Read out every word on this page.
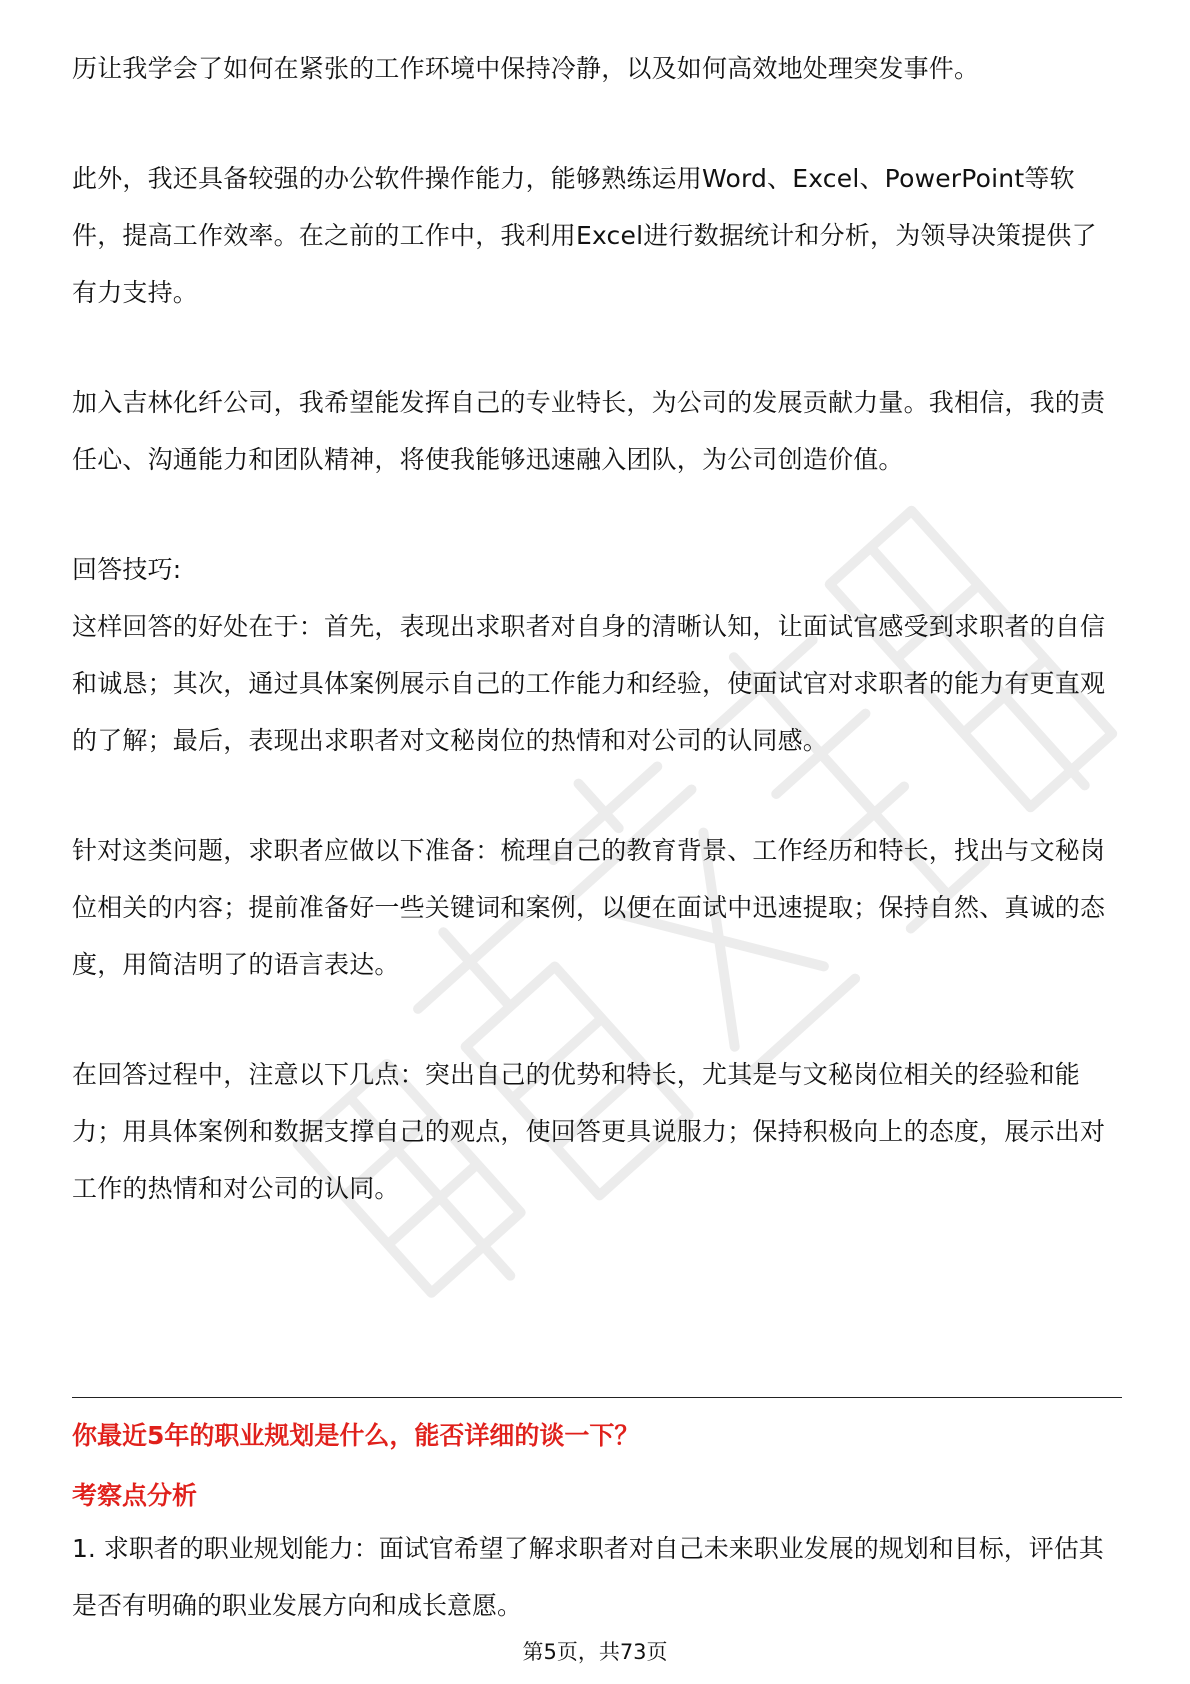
历让我学会了如何在紧张的工作环境中保持冷静，以及如何高效地处理突发事件。

此外，我还具备较强的办公软件操作能力，能够熟练运用Word、Excel、PowerPoint等软件，提高工作效率。在之前的工作中，我利用Excel进行数据统计和分析，为领导决策提供了有力支持。

加入吉林化纤公司，我希望能发挥自己的专业特长，为公司的发展贡献力量。我相信，我的责任心、沟通能力和团队精神，将使我能够迅速融入团队，为公司创造价值。

回答技巧:

这样回答的好处在于：首先，表现出求职者对自身的清晰认知，让面试官感受到求职者的自信和诚恳；其次，通过具体案例展示自己的工作能力和经验，使面试官对求职者的能力有更直观的了解；最后，表现出求职者对文秘岗位的热情和对公司的认同感。

针对这类问题，求职者应做以下准备：梳理自己的教育背景、工作经历和特长，找出与文秘岗位相关的内容；提前准备好一些关键词和案例，以便在面试中迅速提取；保持自然、真诚的态度，用简洁明了的语言表达。

在回答过程中，注意以下几点：突出自己的优势和特长，尤其是与文秘岗位相关的经验和能力；用具体案例和数据支撑自己的观点，使回答更具说服力；保持积极向上的态度，展示出对工作的热情和对公司的认同。

你最近5年的职业规划是什么，能否详细的谈一下？

考察点分析

1. 求职者的职业规划能力：面试官希望了解求职者对自己未来职业发展的规划和目标，评估其是否有明确的职业发展方向和成长意愿。

第5页，共73页
